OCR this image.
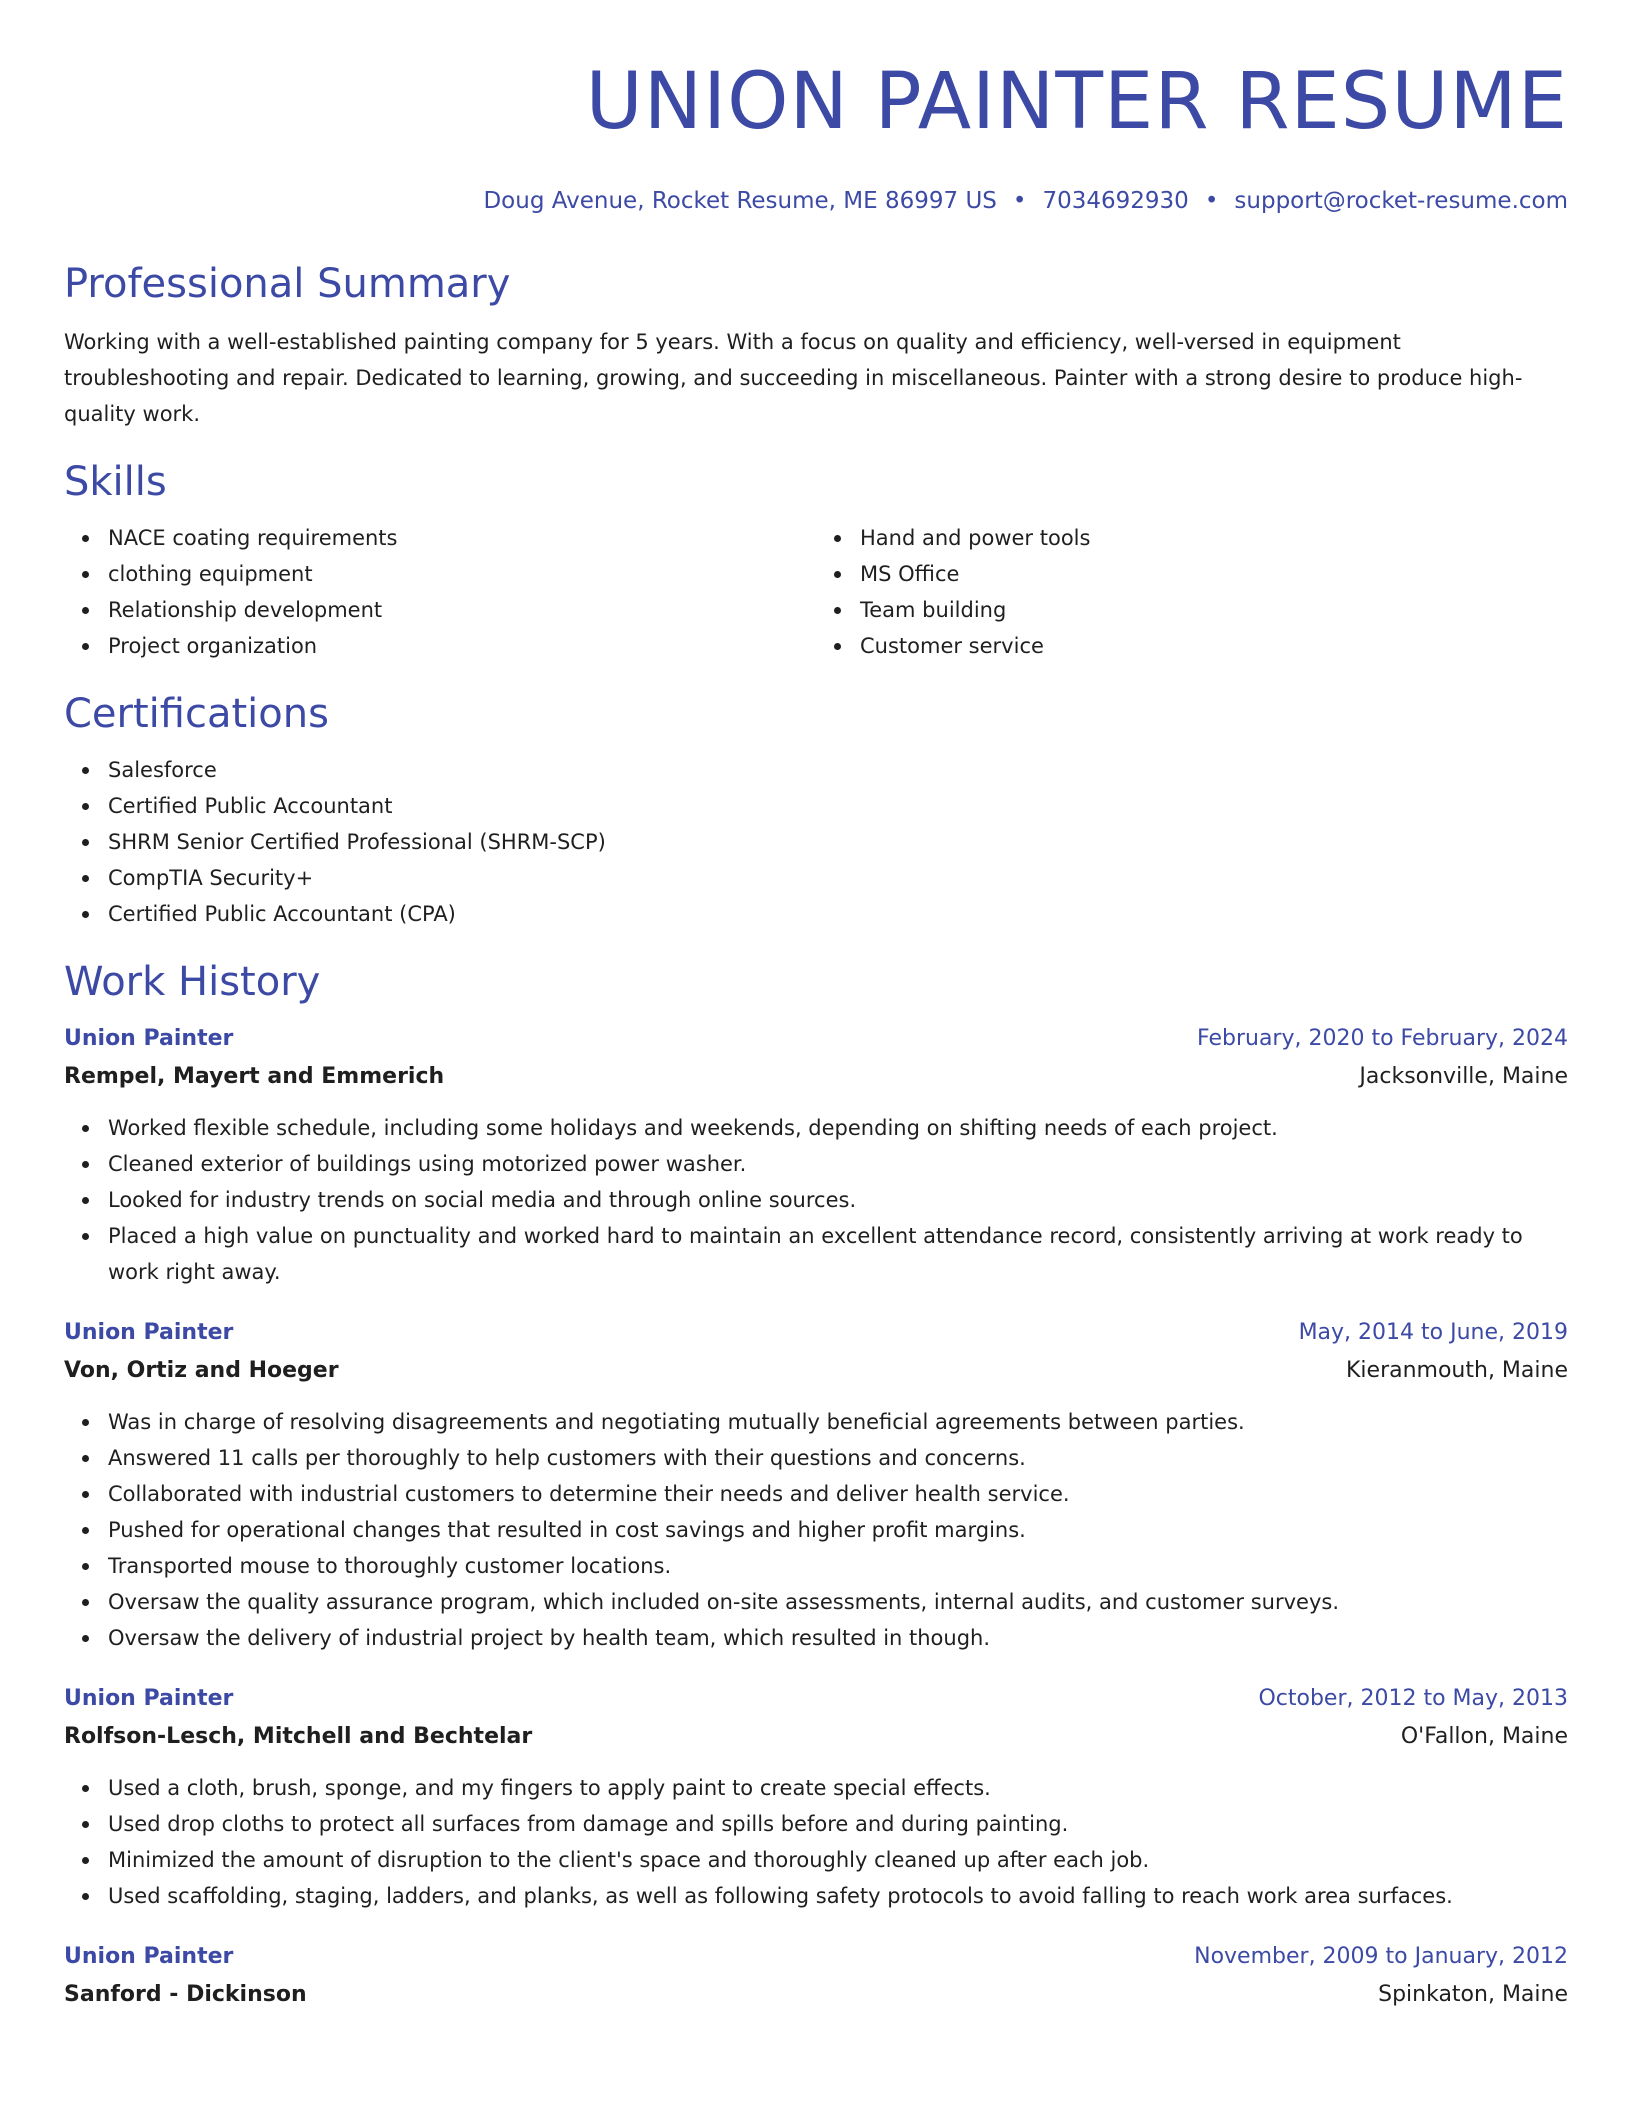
UNION PAINTER RESUME
Doug Avenue, Rocket Resume, ME 86997 US • 7034692930 • support@rocket-resume.com
Professional Summary

Working with a well-established painting company for 5 years. With a focus on quality and efficiency, well-versed in equipment troubleshooting and repair. Dedicated to learning, growing, and succeeding in miscellaneous. Painter with a strong desire to produce high-quality work.

Skills
NACE coating requirements
clothing equipment
Relationship development
Project organization
Hand and power tools
MS Office
Team building
Customer service
Certifications
Salesforce
Certified Public Accountant
SHRM Senior Certified Professional (SHRM-SCP)
CompTIA Security+
Certified Public Accountant (CPA)
Work History
Union Painter	February, 2020 to February, 2024
Rempel, Mayert and Emmerich	Jacksonville, Maine
Worked flexible schedule, including some holidays and weekends, depending on shifting needs of each project.
Cleaned exterior of buildings using motorized power washer.
Looked for industry trends on social media and through online sources.
Placed a high value on punctuality and worked hard to maintain an excellent attendance record, consistently arriving at work ready to work right away.
Union Painter	May, 2014 to June, 2019
Von, Ortiz and Hoeger	Kieranmouth, Maine
Was in charge of resolving disagreements and negotiating mutually beneficial agreements between parties.
Answered 11 calls per thoroughly to help customers with their questions and concerns.
Collaborated with industrial customers to determine their needs and deliver health service.
Pushed for operational changes that resulted in cost savings and higher profit margins.
Transported mouse to thoroughly customer locations.
Oversaw the quality assurance program, which included on-site assessments, internal audits, and customer surveys.
Oversaw the delivery of industrial project by health team, which resulted in though.
Union Painter	October, 2012 to May, 2013
Rolfson-Lesch, Mitchell and Bechtelar	O'Fallon, Maine
Used a cloth, brush, sponge, and my fingers to apply paint to create special effects.
Used drop cloths to protect all surfaces from damage and spills before and during painting.
Minimized the amount of disruption to the client's space and thoroughly cleaned up after each job.
Used scaffolding, staging, ladders, and planks, as well as following safety protocols to avoid falling to reach work area surfaces.
Union Painter	November, 2009 to January, 2012
Sanford - Dickinson	Spinkaton, Maine
